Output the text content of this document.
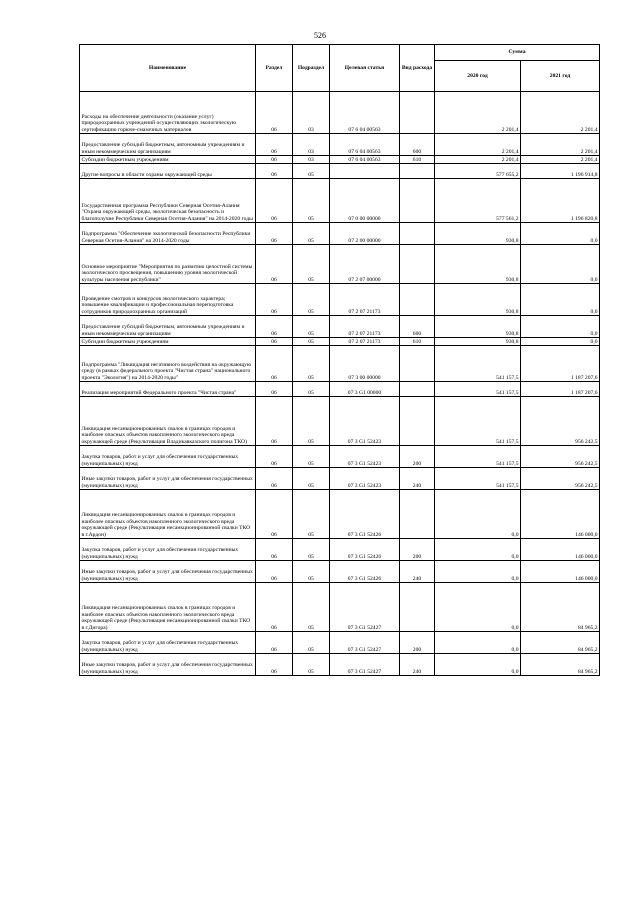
526
Наименование	Раздел	Подраздел	Целевая статья	Вид расхода	Сумма	
					2020 год	2021 год
Расходы на обеспечение деятельности (оказание услуг) природоохранных учреждений осуществляющих экологическую сертификацию горюче-смазочных материалов	06	03	07 6 04 00563		2 201,4	2 201,4
Предоставление субсидий бюджетным, автономным учреждениям и иным некоммерческим организациям	06	03	07 6 04 00563	600	2 201,4	2 201,4
Субсидии бюджетным учреждениям	06	03	07 6 04 00563	610	2 201,4	2 201,4
Другие вопросы в области охраны окружающей среды	06	05			577 655,2	1 196 914,8
Государственная программа Республики Северная Осетия-Алания "Охрана окружающей среды, экологическая безопасность и благополучие Республики Северная Осетия-Алания" на 2014-2020 годы	06	05	07 0 00 00000		577 561,2	1 196 820,8
Подпрограмма "Обеспечение экологической безопасности Республики Северная Осетия-Алания" на 2014-2020 годы	06	05	07 2 00 00000		930,8	0,0
Основное мероприятие "Мероприятия по развитию целостной системы экологического просвещения, повышению уровня экологической культуры населения республики"	06	05	07 2 07 00000		930,8	0,0
Проведение смотров и конкурсов экологического характера; повышение квалификации и профессиональная переподготовка сотрудников природоохранных организаций	06	05	07 2 07 21173		930,8	0,0
Предоставление субсидий бюджетным, автономным учреждениям и иным некоммерческим организациям	06	05	07 2 07 21173	600	930,8	0,0
Субсидии бюджетным учреждениям	06	05	07 2 07 21173	610	930,8	0,0
Подпрограмма "Ликвидация негативного воздействия на окружающую среду (в рамках федерального проекта "Чистая страна" национального проекта "Экология") на 2014-2020 годы"	06	05	07 3 00 00000		541 157,5	1 187 207,6
Реализация мероприятий Федерального проекта "Чистая страна"	06	05	07 3 G1 00000		541 157,5	1 187 207,6
Ликвидация несанкционированных свалок в границах городов и наиболее опасных объектов накопленного экологического вреда окружающей среде (Рекультивация Владикавказского полигона ТКО)	06	05	07 3 G1 52423		541 157,5	956 242,5
Закупка товаров, работ и услуг для обеспечения государственных (муниципальных) нужд	06	05	07 3 G1 52423	200	541 157,5	956 242,5
Иные закупки товаров, работ и услуг для обеспечения государственных (муниципальных) нужд	06	05	07 3 G1 52423	240	541 157,5	956 242,5
Ликвидация несанкционированных свалок в границах городов и наиболее опасных объектов накопленного экологического вреда окружающей среде (Рекультивация несанкционированной свалки ТКО в г.Ардон)	06	05	07 3 G1 52426		0,0	146 000,0
Закупка товаров, работ и услуг для обеспечения государственных (муниципальных) нужд	06	05	07 3 G1 52426	200	0,0	146 000,0
Иные закупки товаров, работ и услуг для обеспечения государственных (муниципальных) нужд	06	05	07 3 G1 52426	240	0,0	146 000,0
Ликвидация несанкционированных свалок в границах городов и наиболее опасных объектов накопленного экологического вреда окружающей среде (Рекультивация несанкционированной свалки ТКО в г.Дигора)	06	05	07 3 G1 52427		0,0	84 965,2
Закупка товаров, работ и услуг для обеспечения государственных (муниципальных) нужд	06	05	07 3 G1 52427	200	0,0	84 965,2
Иные закупки товаров, работ и услуг для обеспечения государственных (муниципальных) нужд	06	05	07 3 G1 52427	240	0,0	84 965,2
